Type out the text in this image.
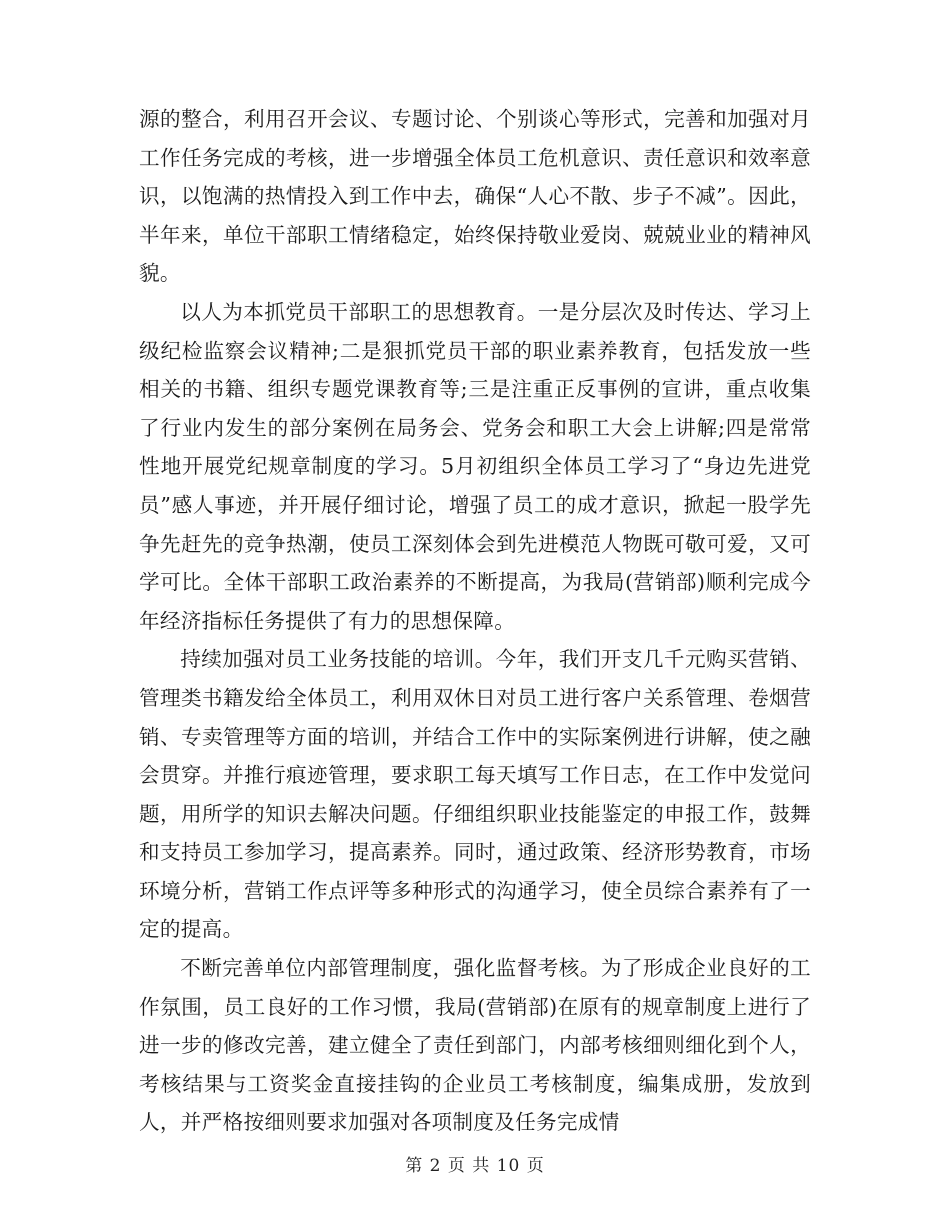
源的整合，利用召开会议、专题讨论、个别谈心等形式，完善和加强对月工作任务完成的考核，进一步增强全体员工危机意识、责任意识和效率意识，以饱满的热情投入到工作中去，确保“人心不散、步子不减”。因此，半年来，单位干部职工情绪稳定，始终保持敬业爱岗、兢兢业业的精神风貌。

以人为本抓党员干部职工的思想教育。一是分层次及时传达、学习上级纪检监察会议精神;二是狠抓党员干部的职业素养教育，包括发放一些相关的书籍、组织专题党课教育等;三是注重正反事例的宣讲，重点收集了行业内发生的部分案例在局务会、党务会和职工大会上讲解;四是常常性地开展党纪规章制度的学习。5月初组织全体员工学习了“身边先进党员”感人事迹，并开展仔细讨论，增强了员工的成才意识，掀起一股学先争先赶先的竞争热潮，使员工深刻体会到先进模范人物既可敬可爱，又可学可比。全体干部职工政治素养的不断提高，为我局(营销部)顺利完成今年经济指标任务提供了有力的思想保障。

持续加强对员工业务技能的培训。今年，我们开支几千元购买营销、管理类书籍发给全体员工，利用双休日对员工进行客户关系管理、卷烟营销、专卖管理等方面的培训，并结合工作中的实际案例进行讲解，使之融会贯穿。并推行痕迹管理，要求职工每天填写工作日志，在工作中发觉问题，用所学的知识去解决问题。仔细组织职业技能鉴定的申报工作，鼓舞和支持员工参加学习，提高素养。同时，通过政策、经济形势教育，市场环境分析，营销工作点评等多种形式的沟通学习，使全员综合素养有了一定的提高。

不断完善单位内部管理制度，强化监督考核。为了形成企业良好的工作氛围，员工良好的工作习惯，我局(营销部)在原有的规章制度上进行了进一步的修改完善，建立健全了责任到部门，内部考核细则细化到个人，考核结果与工资奖金直接挂钩的企业员工考核制度，编集成册，发放到人，并严格按细则要求加强对各项制度及任务完成情

第 2 页 共 10 页
